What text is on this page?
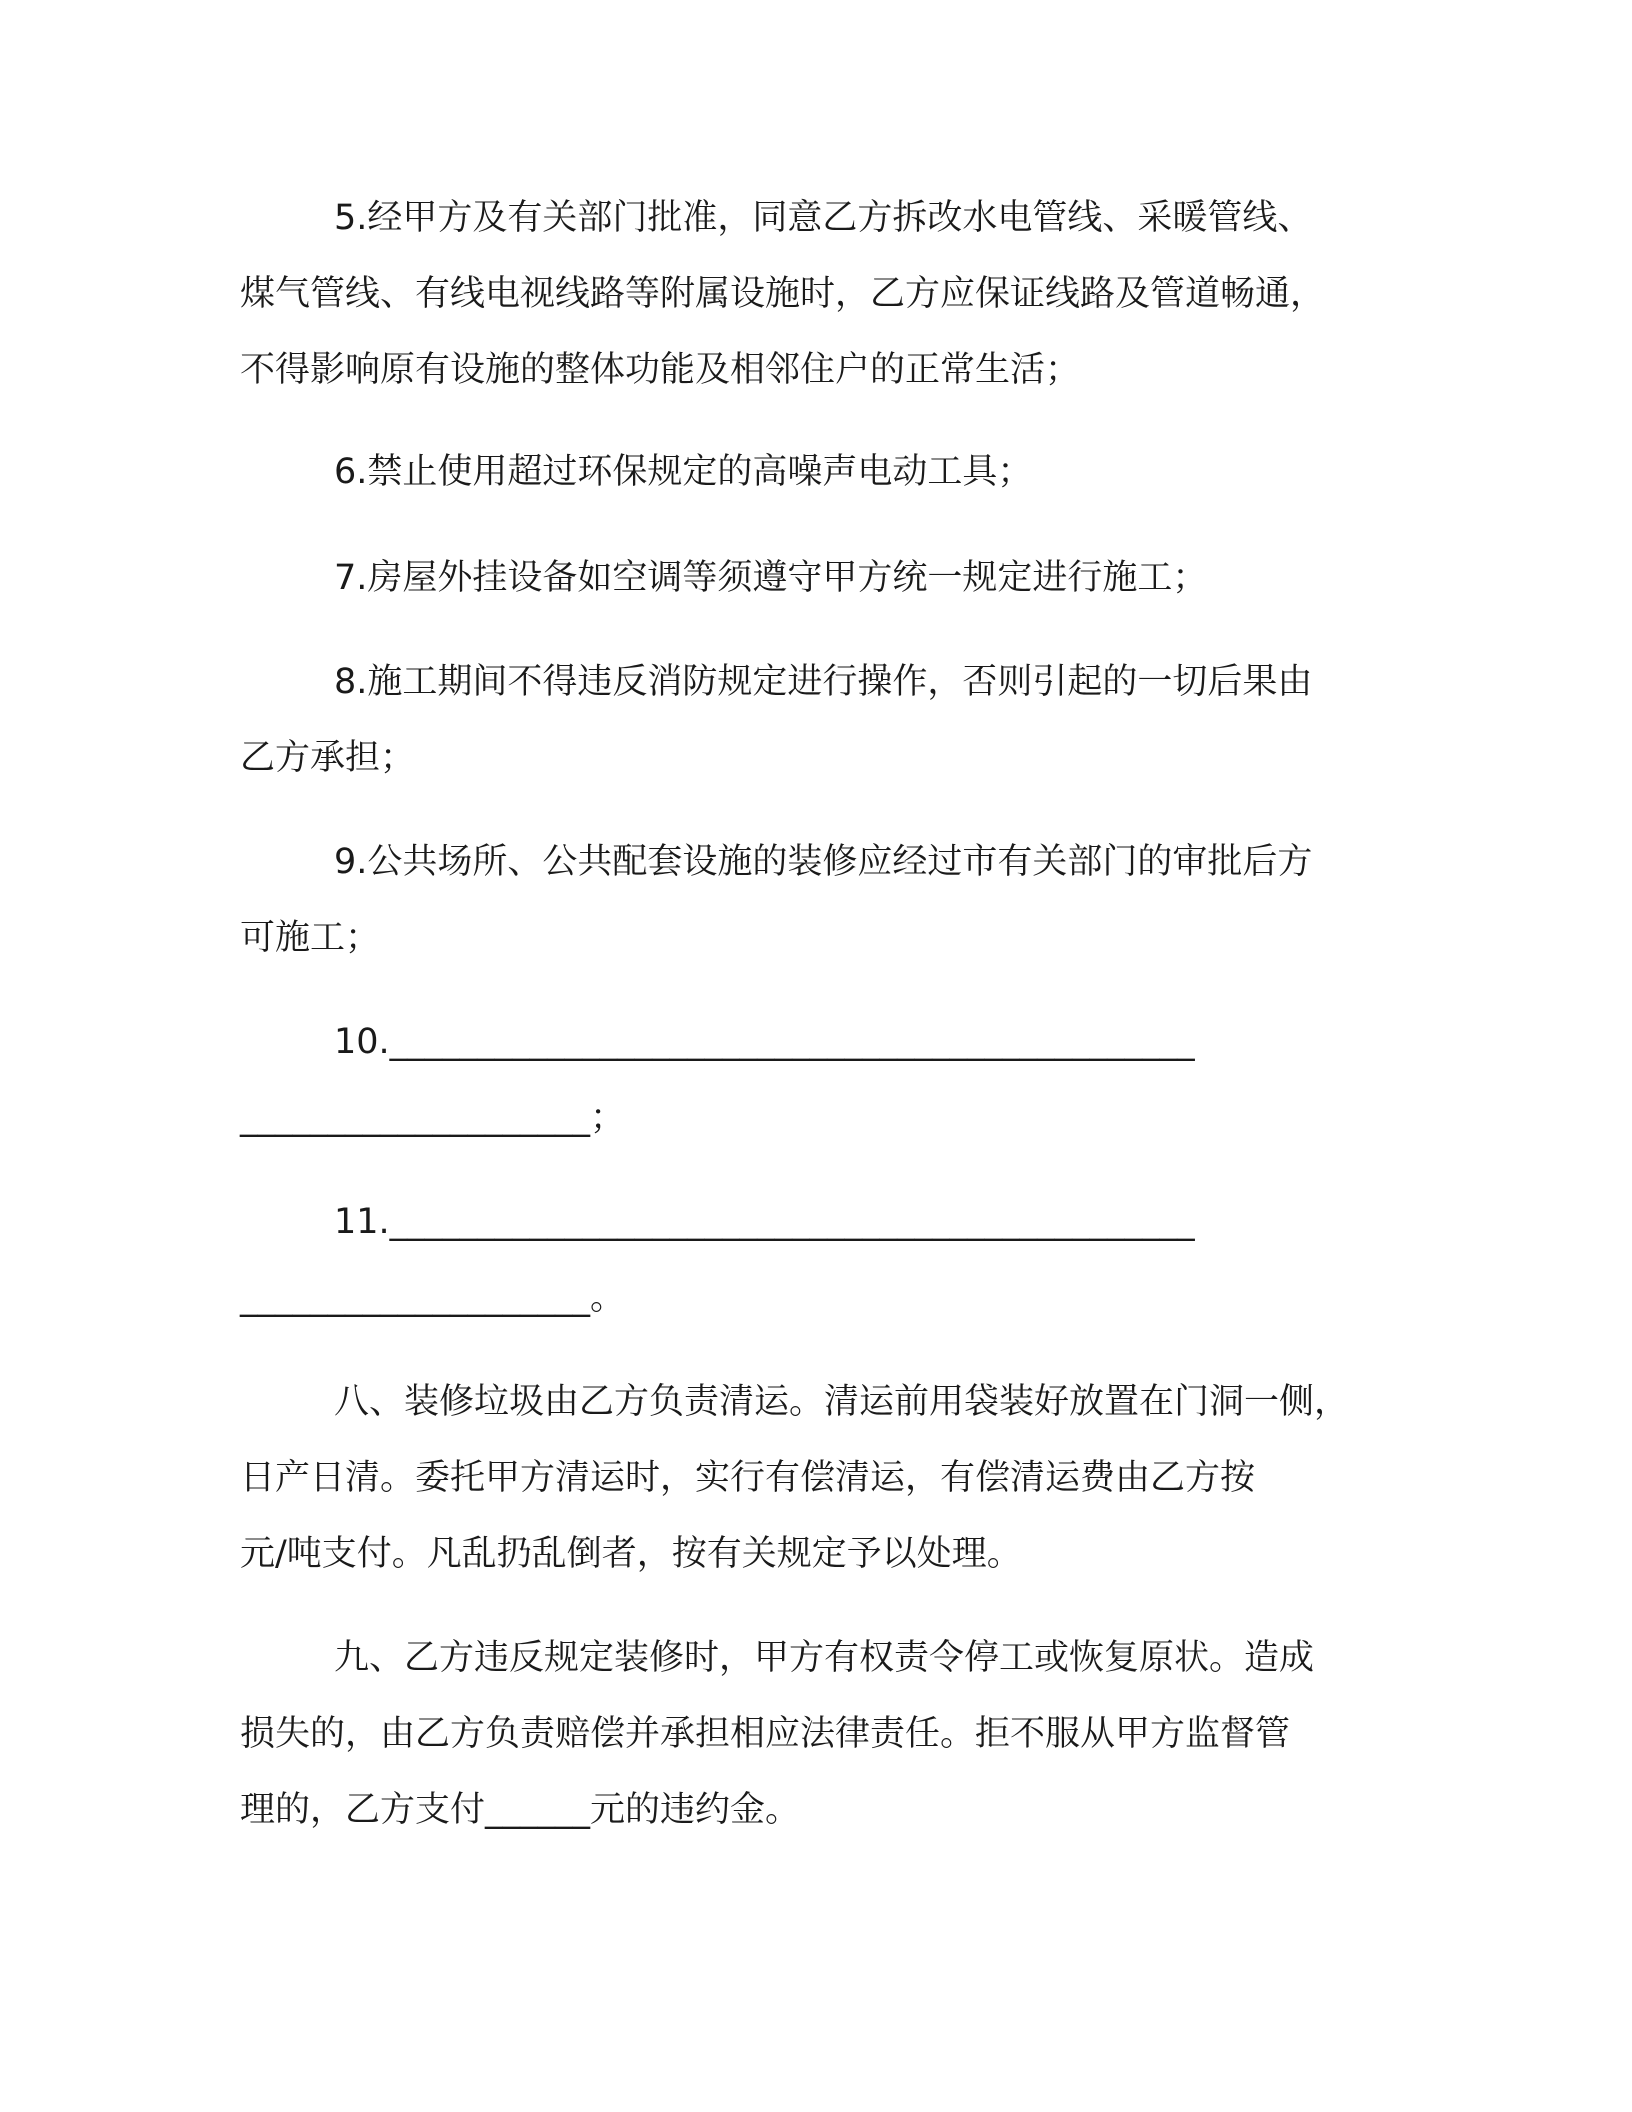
5.经甲方及有关部门批准，同意乙方拆改水电管线、采暖管线、
煤气管线、有线电视线路等附属设施时，乙方应保证线路及管道畅通，
不得影响原有设施的整体功能及相邻住户的正常生活；
6.禁止使用超过环保规定的高噪声电动工具；
7.房屋外挂设备如空调等须遵守甲方统一规定进行施工；
8.施工期间不得违反消防规定进行操作，否则引起的一切后果由
乙方承担；
9.公共场所、公共配套设施的装修应经过市有关部门的审批后方
可施工；
10.______________________________________________
____________________；
11.______________________________________________
____________________。
八、装修垃圾由乙方负责清运。清运前用袋装好放置在门洞一侧，
日产日清。委托甲方清运时，实行有偿清运，有偿清运费由乙方按
元/吨支付。凡乱扔乱倒者，按有关规定予以处理。
九、乙方违反规定装修时，甲方有权责令停工或恢复原状。造成
损失的，由乙方负责赔偿并承担相应法律责任。拒不服从甲方监督管
理的，乙方支付______元的违约金。
